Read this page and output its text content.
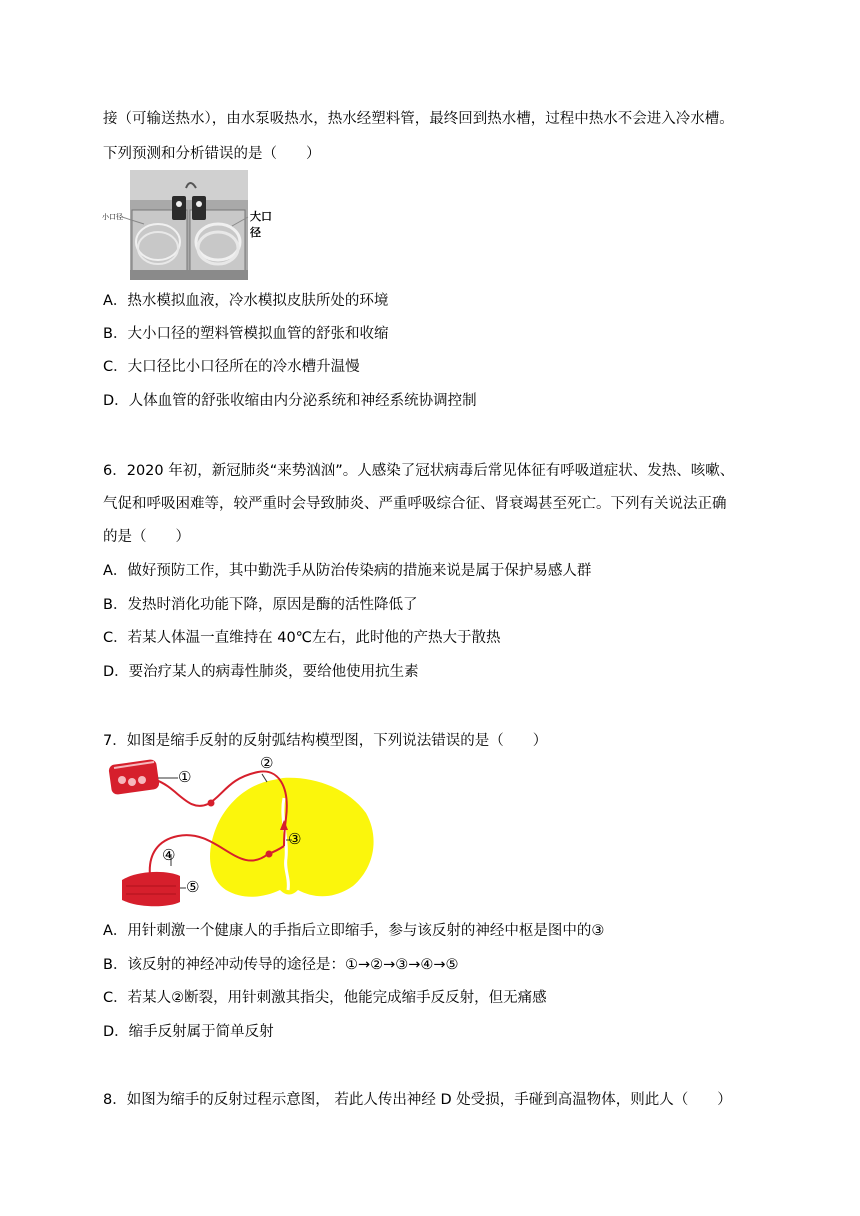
接（可输送热水），由水泵吸热水，热水经塑料管，最终回到热水槽，过程中热水不会进入冷水槽。
下列预测和分析错误的是（　　）
小口径	大口径
A．热水模拟血液，冷水模拟皮肤所处的环境
B．大小口径的塑料管模拟血管的舒张和收缩
C．大口径比小口径所在的冷水槽升温慢
D．人体血管的舒张收缩由内分泌系统和神经系统协调控制
6．2020 年初，新冠肺炎“来势汹汹”。人感染了冠状病毒后常见体征有呼吸道症状、发热、咳嗽、
气促和呼吸困难等，较严重时会导致肺炎、严重呼吸综合征、肾衰竭甚至死亡。下列有关说法正确
的是（　　）
A．做好预防工作，其中勤洗手从防治传染病的措施来说是属于保护易感人群
B．发热时消化功能下降，原因是酶的活性降低了
C．若某人体温一直维持在 40℃左右，此时他的产热大于散热
D．要治疗某人的病毒性肺炎，要给他使用抗生素
7．如图是缩手反射的反射弧结构模型图，下列说法错误的是（　　）
①
②
③
④
⑤
A．用针刺激一个健康人的手指后立即缩手，参与该反射的神经中枢是图中的③
B．该反射的神经冲动传导的途径是：①→②→③→④→⑤
C．若某人②断裂，用针刺激其指尖，他能完成缩手反反射，但无痛感
D．缩手反射属于简单反射
8．如图为缩手的反射过程示意图， 若此人传出神经 D 处受损，手碰到高温物体，则此人（　　）
